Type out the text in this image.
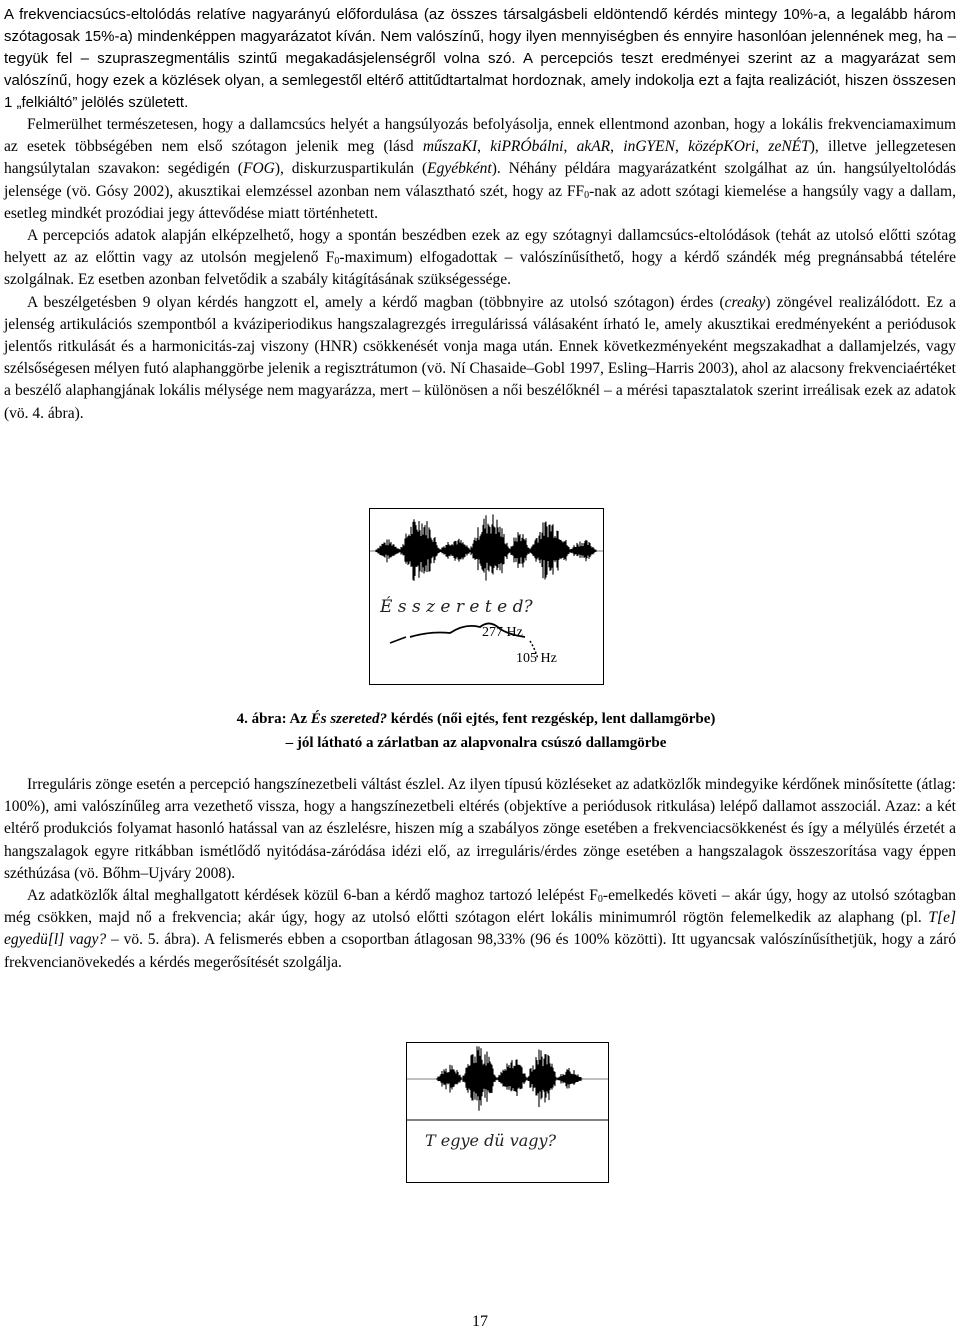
A frekvenciacsúcs-eltolódás relatíve nagyarányú előfordulása (az összes társalgásbeli eldöntendő kérdés mintegy 10%-a, a legalább három szótagosak 15%-a) mindenképpen magyarázatot kíván. Nem valószínű, hogy ilyen mennyiségben és ennyire hasonlóan jelennének meg, ha – tegyük fel – szupraszegmentális szintű megakadásjelenségről volna szó. A percepciós teszt eredményei szerint az a magyarázat sem valószínű, hogy ezek a közlések olyan, a semlegestől eltérő attitűdtartalmat hordoznak, amely indokolja ezt a fajta realizációt, hiszen összesen 1 „felkiáltó” jelölés született.

Felmerülhet természetesen, hogy a dallamcsúcs helyét a hangsúlyozás befolyásolja, ennek ellentmond azonban, hogy a lokális frekvenciamaximum az esetek többségében nem első szótagon jelenik meg (lásd műszaKI, kiPRÓbálni, akAR, inGYEN, középKOri, zeNÉT), illetve jellegzetesen hangsúlytalan szavakon: segédigén (FOG), diskurzuspartikulán (Egyébként). Néhány példára magyarázatként szolgálhat az ún. hangsúlyeltolódás jelensége (vö. Gósy 2002), akusztikai elemzéssel azonban nem választható szét, hogy az $FF_0$-nak az adott szótagi kiemelése a hangsúly vagy a dallam, esetleg mindkét prozódiai jegy áttevődése miatt történhetett.

A percepciós adatok alapján elképzelhető, hogy a spontán beszédben ezek az egy szótagnyi dallamcsúcs-eltolódások (tehát az utolsó előtti szótag helyett az az előttin vagy az utolsón megjelenő $F_0-maximum$) elfogadottak – valószínűsíthető, hogy a kérdő szándék még pregnánsabbá tételére szolgálnak. Ez esetben azonban felvetődik a szabály kitágításának szükségessége.

A beszélgetésben 9 olyan kérdés hangzott el, amely a kérdő magban (többnyire az utolsó szótagon) érdes (creaky) zöngével realizálódott. Ez a jelenség artikulációs szempontból a kváziperiodikus hangszalagrezgés irregulárissá válásaként írható le, amely akusztikai eredményeként a periódusok jelentős ritkulását és a harmonicitás-zaj viszony (HNR) csökkenését vonja maga után. Ennek következményeként megszakadhat a dallamjelzés, vagy szélsőségesen mélyen futó alaphanggörbe jelenik a regisztrátumon (vö. Ní Chasaide–Gobl 1997, Esling–Harris 2003), ahol az alacsony frekvenciaértéket a beszélő alaphangjának lokális mélysége nem magyarázza, mert – különösen a női beszélőknél – a mérési tapasztalatok szerint irreálisak ezek az adatok (vö. 4. ábra).

É s s z e r e t e d?
277 Hz
105 Hz
4. ábra: Az És szereted? kérdés (női ejtés, fent rezgéskép, lent dallamgörbe)
– jól látható a zárlatban az alapvonalra csúszó dallamgörbe

Irreguláris zönge esetén a percepció hangszínezetbeli váltást észlel. Az ilyen típusú közléseket az adatközlők mindegyike kérdőnek minősítette (átlag: 100%), ami valószínűleg arra vezethető vissza, hogy a hangszínezetbeli eltérés (objektíve a periódusok ritkulása) lelépő dallamot asszociál. Azaz: a két eltérő produkciós folyamat hasonló hatással van az észlelésre, hiszen míg a szabályos zönge esetében a frekvenciacsökkenést és így a mélyülés érzetét a hangszalagok egyre ritkábban ismétlődő nyitódása-záródása idézi elő, az irreguláris/érdes zönge esetében a hangszalagok összeszorítása vagy éppen széthúzása (vö. Bőhm–Ujváry 2008).

Az adatközlők által meghallgatott kérdések közül 6-ban a kérdő maghoz tartozó lelépést $F_0$-emelkedés követi – akár úgy, hogy az utolsó szótagban még csökken, majd nő a frekvencia; akár úgy, hogy az utolsó előtti szótagon elért lokális minimumról rögtön felemelkedik az alaphang (pl. T[e] egyedü[l] vagy? – vö. 5. ábra). A felismerés ebben a csoportban átlagosan 98,33% (96 és 100% közötti). Itt ugyancsak valószínűsíthetjük, hogy a záró frekvencianövekedés a kérdés megerősítését szolgálja.

T egye dü vagy?
17
